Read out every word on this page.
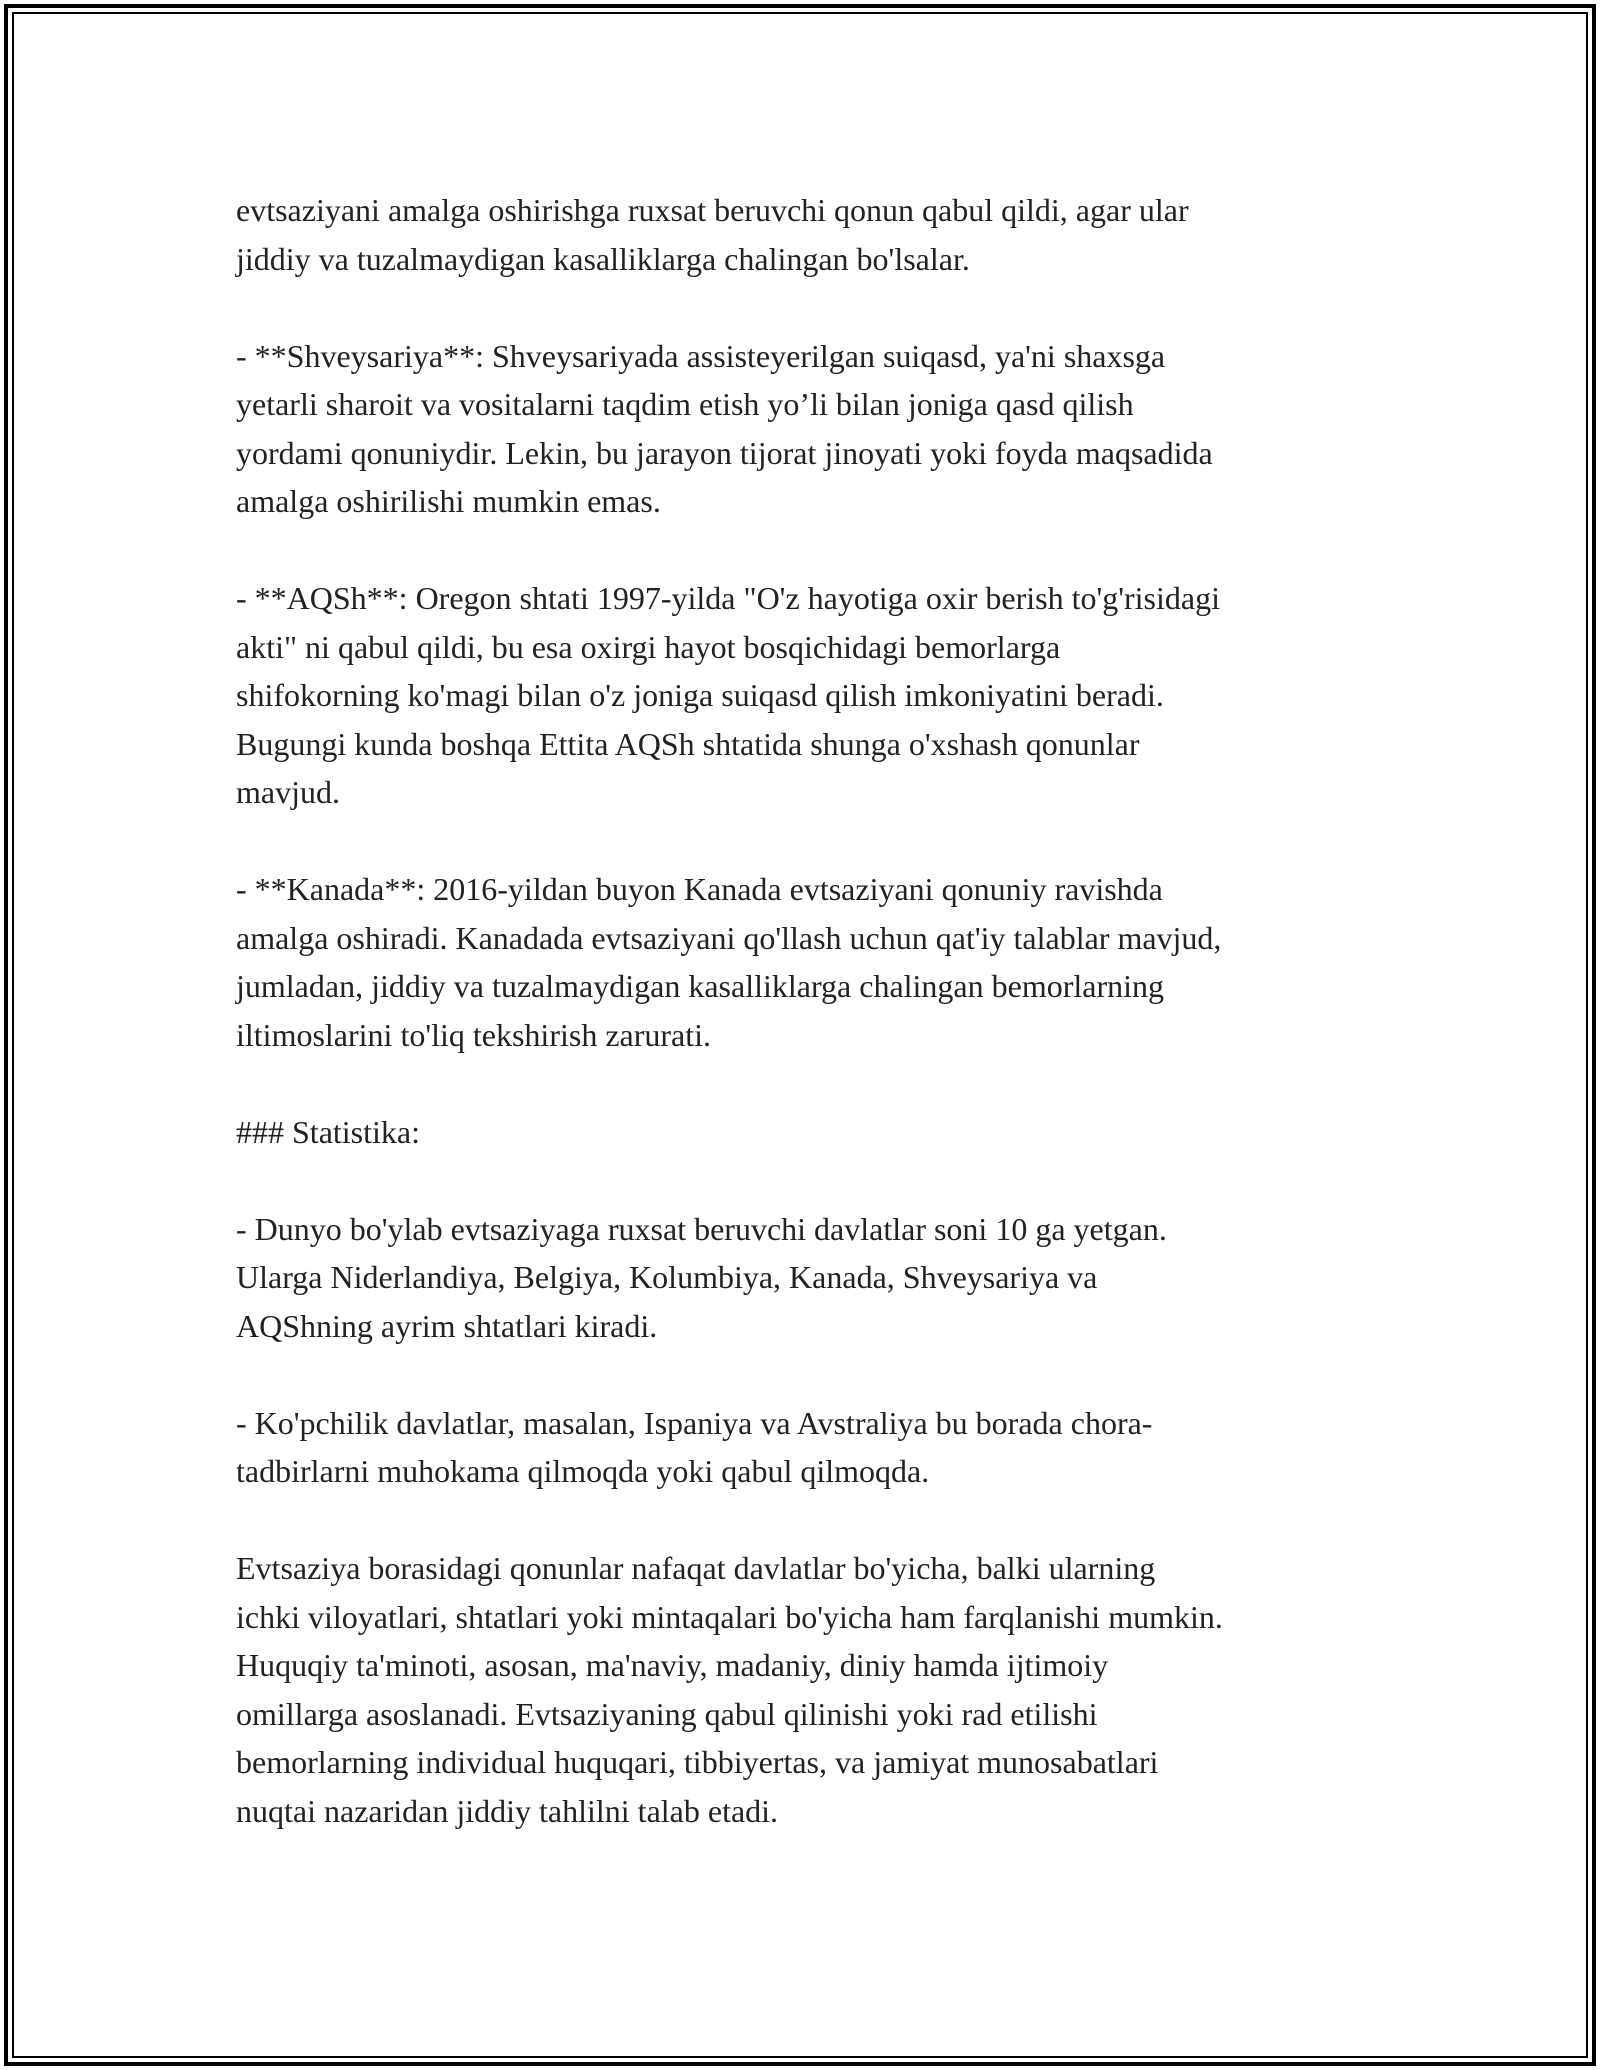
evtsaziyani amalga oshirishga ruxsat beruvchi qonun qabul qildi, agar ular
jiddiy va tuzalmaydigan kasalliklarga chalingan bo'lsalar.
- **Shveysariya**: Shveysariyada assisteyerilgan suiqasd, ya'ni shaxsga
yetarli sharoit va vositalarni taqdim etish yo’li bilan joniga qasd qilish
yordami qonuniydir. Lekin, bu jarayon tijorat jinoyati yoki foyda maqsadida
amalga oshirilishi mumkin emas.
- **AQSh**: Oregon shtati 1997-yilda "O'z hayotiga oxir berish to'g'risidagi
akti" ni qabul qildi, bu esa oxirgi hayot bosqichidagi bemorlarga
shifokorning ko'magi bilan o'z joniga suiqasd qilish imkoniyatini beradi.
Bugungi kunda boshqa Ettita AQSh shtatida shunga o'xshash qonunlar
mavjud.
- **Kanada**: 2016-yildan buyon Kanada evtsaziyani qonuniy ravishda
amalga oshiradi. Kanadada evtsaziyani qo'llash uchun qat'iy talablar mavjud,
jumladan, jiddiy va tuzalmaydigan kasalliklarga chalingan bemorlarning
iltimoslarini to'liq tekshirish zarurati.
### Statistika:
- Dunyo bo'ylab evtsaziyaga ruxsat beruvchi davlatlar soni 10 ga yetgan.
Ularga Niderlandiya, Belgiya, Kolumbiya, Kanada, Shveysariya va
AQShning ayrim shtatlari kiradi.
- Ko'pchilik davlatlar, masalan, Ispaniya va Avstraliya bu borada chora-
tadbirlarni muhokama qilmoqda yoki qabul qilmoqda.
Evtsaziya borasidagi qonunlar nafaqat davlatlar bo'yicha, balki ularning
ichki viloyatlari, shtatlari yoki mintaqalari bo'yicha ham farqlanishi mumkin.
Huquqiy ta'minoti, asosan, ma'naviy, madaniy, diniy hamda ijtimoiy
omillarga asoslanadi. Evtsaziyaning qabul qilinishi yoki rad etilishi
bemorlarning individual huquqari, tibbiyertas, va jamiyat munosabatlari
nuqtai nazaridan jiddiy tahlilni talab etadi.
